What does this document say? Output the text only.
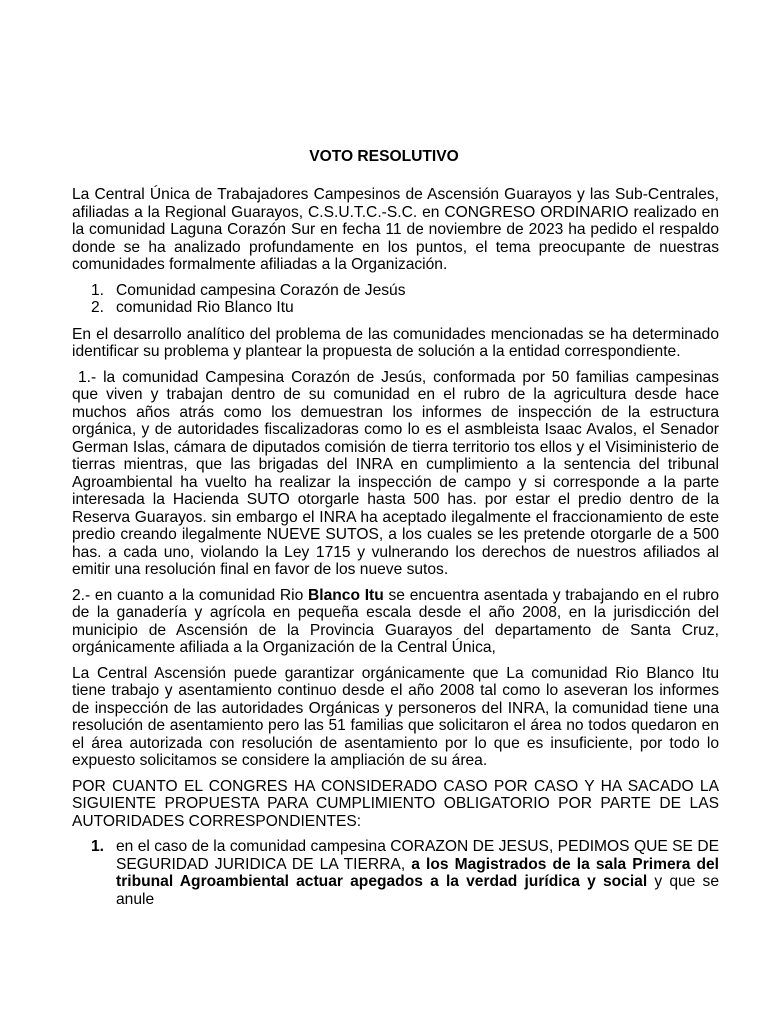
VOTO RESOLUTIVO

La Central Única de Trabajadores Campesinos de Ascensión Guarayos y las Sub-Centrales, afiliadas a la Regional Guarayos, C.S.U.T.C.-S.C. en CONGRESO ORDINARIO realizado en la comunidad Laguna Corazón Sur en fecha 11 de noviembre de 2023 ha pedido el respaldo donde se ha analizado profundamente en los puntos, el tema preocupante de nuestras comunidades formalmente afiliadas a la Organización.

1. Comunidad campesina Corazón de Jesús
2. comunidad Rio Blanco Itu

En el desarrollo analítico del problema de las comunidades mencionadas se ha determinado identificar su problema y plantear la propuesta de solución a la entidad correspondiente.

1.- la comunidad Campesina Corazón de Jesús, conformada por 50 familias campesinas que viven y trabajan dentro de su comunidad en el rubro de la agricultura desde hace muchos años atrás como los demuestran los informes de inspección de la estructura orgánica, y de autoridades fiscalizadoras como lo es el asmbleista Isaac Avalos, el Senador German Islas, cámara de diputados comisión de tierra territorio tos ellos y el Visiministerio de tierras mientras, que las brigadas del INRA en cumplimiento a la sentencia del tribunal Agroambiental ha vuelto ha realizar la inspección de campo y si corresponde a la parte interesada la Hacienda SUTO otorgarle hasta 500 has. por estar el predio dentro de la Reserva Guarayos. sin embargo el INRA ha aceptado ilegalmente el fraccionamiento de este predio creando ilegalmente NUEVE SUTOS, a los cuales se les pretende otorgarle de a 500 has. a cada uno, violando la Ley 1715 y vulnerando los derechos de nuestros afiliados al emitir una resolución final en favor de los nueve sutos.

2.- en cuanto a la comunidad Rio Blanco Itu se encuentra asentada y trabajando en el rubro de la ganadería y agrícola en pequeña escala desde el año 2008, en la jurisdicción del municipio de Ascensión de la Provincia Guarayos del departamento de Santa Cruz, orgánicamente afiliada a la Organización de la Central Única,

La Central Ascensión puede garantizar orgánicamente que La comunidad Rio Blanco Itu tiene trabajo y asentamiento continuo desde el año 2008 tal como lo aseveran los informes de inspección de las autoridades Orgánicas y personeros del INRA, la comunidad tiene una resolución de asentamiento pero las 51 familias que solicitaron el área no todos quedaron en el área autorizada con resolución de asentamiento por lo que es insuficiente, por todo lo expuesto solicitamos se considere la ampliación de su área.

POR CUANTO EL CONGRES HA CONSIDERADO CASO POR CASO Y HA SACADO LA SIGUIENTE PROPUESTA PARA CUMPLIMIENTO OBLIGATORIO POR PARTE DE LAS AUTORIDADES CORRESPONDIENTES:

1. en el caso de la comunidad campesina CORAZON DE JESUS, PEDIMOS QUE SE DE SEGURIDAD JURIDICA DE LA TIERRA, a los Magistrados de la sala Primera del tribunal Agroambiental actuar apegados a la verdad jurídica y social y que se anule
